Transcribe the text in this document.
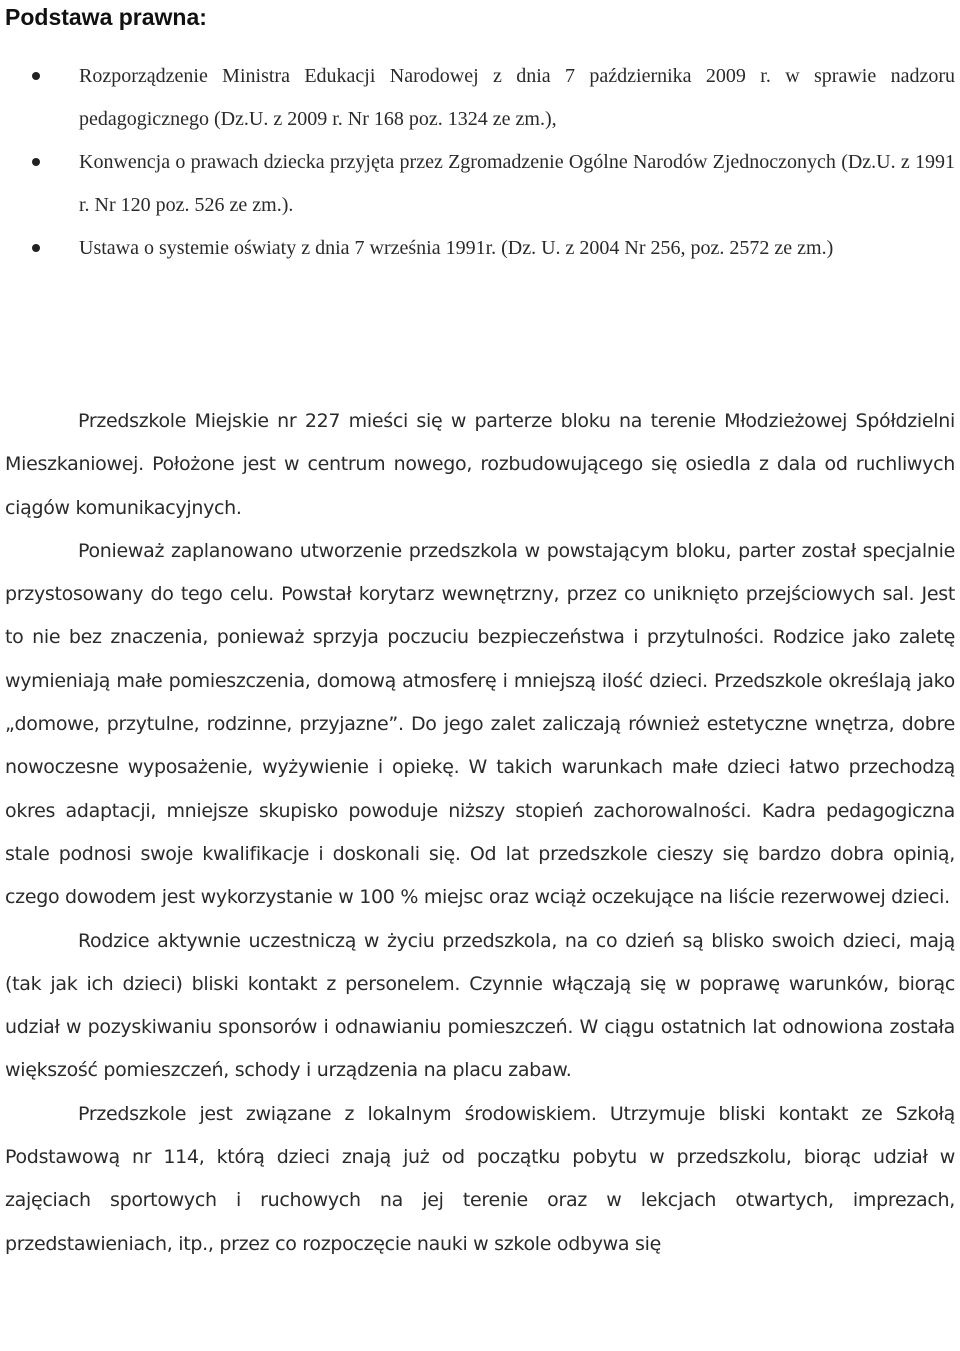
Podstawa prawna:
Rozporządzenie Ministra Edukacji Narodowej z dnia 7 października 2009 r. w sprawie nadzoru pedagogicznego (Dz.U. z 2009 r. Nr 168 poz. 1324 ze zm.),
Konwencja o prawach dziecka przyjęta przez Zgromadzenie Ogólne Narodów Zjednoczonych (Dz.U. z 1991 r. Nr 120 poz. 526 ze zm.).
Ustawa o systemie oświaty z dnia 7 września 1991r. (Dz. U. z 2004 Nr 256, poz. 2572 ze zm.)

Przedszkole Miejskie nr 227 mieści się w parterze bloku na terenie Młodzieżowej Spółdzielni Mieszkaniowej. Położone jest w centrum nowego, rozbudowującego się osiedla z dala od ruchliwych ciągów komunikacyjnych.

Ponieważ zaplanowano utworzenie przedszkola w powstającym bloku, parter został specjalnie przystosowany do tego celu. Powstał korytarz wewnętrzny, przez co uniknięto przejściowych sal. Jest to nie bez znaczenia, ponieważ sprzyja poczuciu bezpieczeństwa i przytulności. Rodzice jako zaletę wymieniają małe pomieszczenia, domową atmosferę i mniejszą ilość dzieci. Przedszkole określają jako „domowe, przytulne, rodzinne, przyjazne”. Do jego zalet zaliczają również estetyczne wnętrza, dobre nowoczesne wyposażenie, wyżywienie i opiekę. W takich warunkach małe dzieci łatwo przechodzą okres adaptacji, mniejsze skupisko powoduje niższy stopień zachorowalności. Kadra pedagogiczna stale podnosi swoje kwalifikacje i doskonali się. Od lat przedszkole cieszy się bardzo dobra opinią, czego dowodem jest wykorzystanie w 100 % miejsc oraz wciąż oczekujące na liście rezerwowej dzieci.

Rodzice aktywnie uczestniczą w życiu przedszkola, na co dzień są blisko swoich dzieci, mają (tak jak ich dzieci) bliski kontakt z personelem. Czynnie włączają się w poprawę warunków, biorąc udział w pozyskiwaniu sponsorów i odnawianiu pomieszczeń. W ciągu ostatnich lat odnowiona została większość pomieszczeń, schody i urządzenia na placu zabaw.

Przedszkole jest związane z lokalnym środowiskiem. Utrzymuje bliski kontakt ze Szkołą Podstawową nr 114, którą dzieci znają już od początku pobytu w przedszkolu, biorąc udział w zajęciach sportowych i ruchowych na jej terenie oraz w lekcjach otwartych, imprezach, przedstawieniach, itp., przez co rozpoczęcie nauki w szkole odbywa się
